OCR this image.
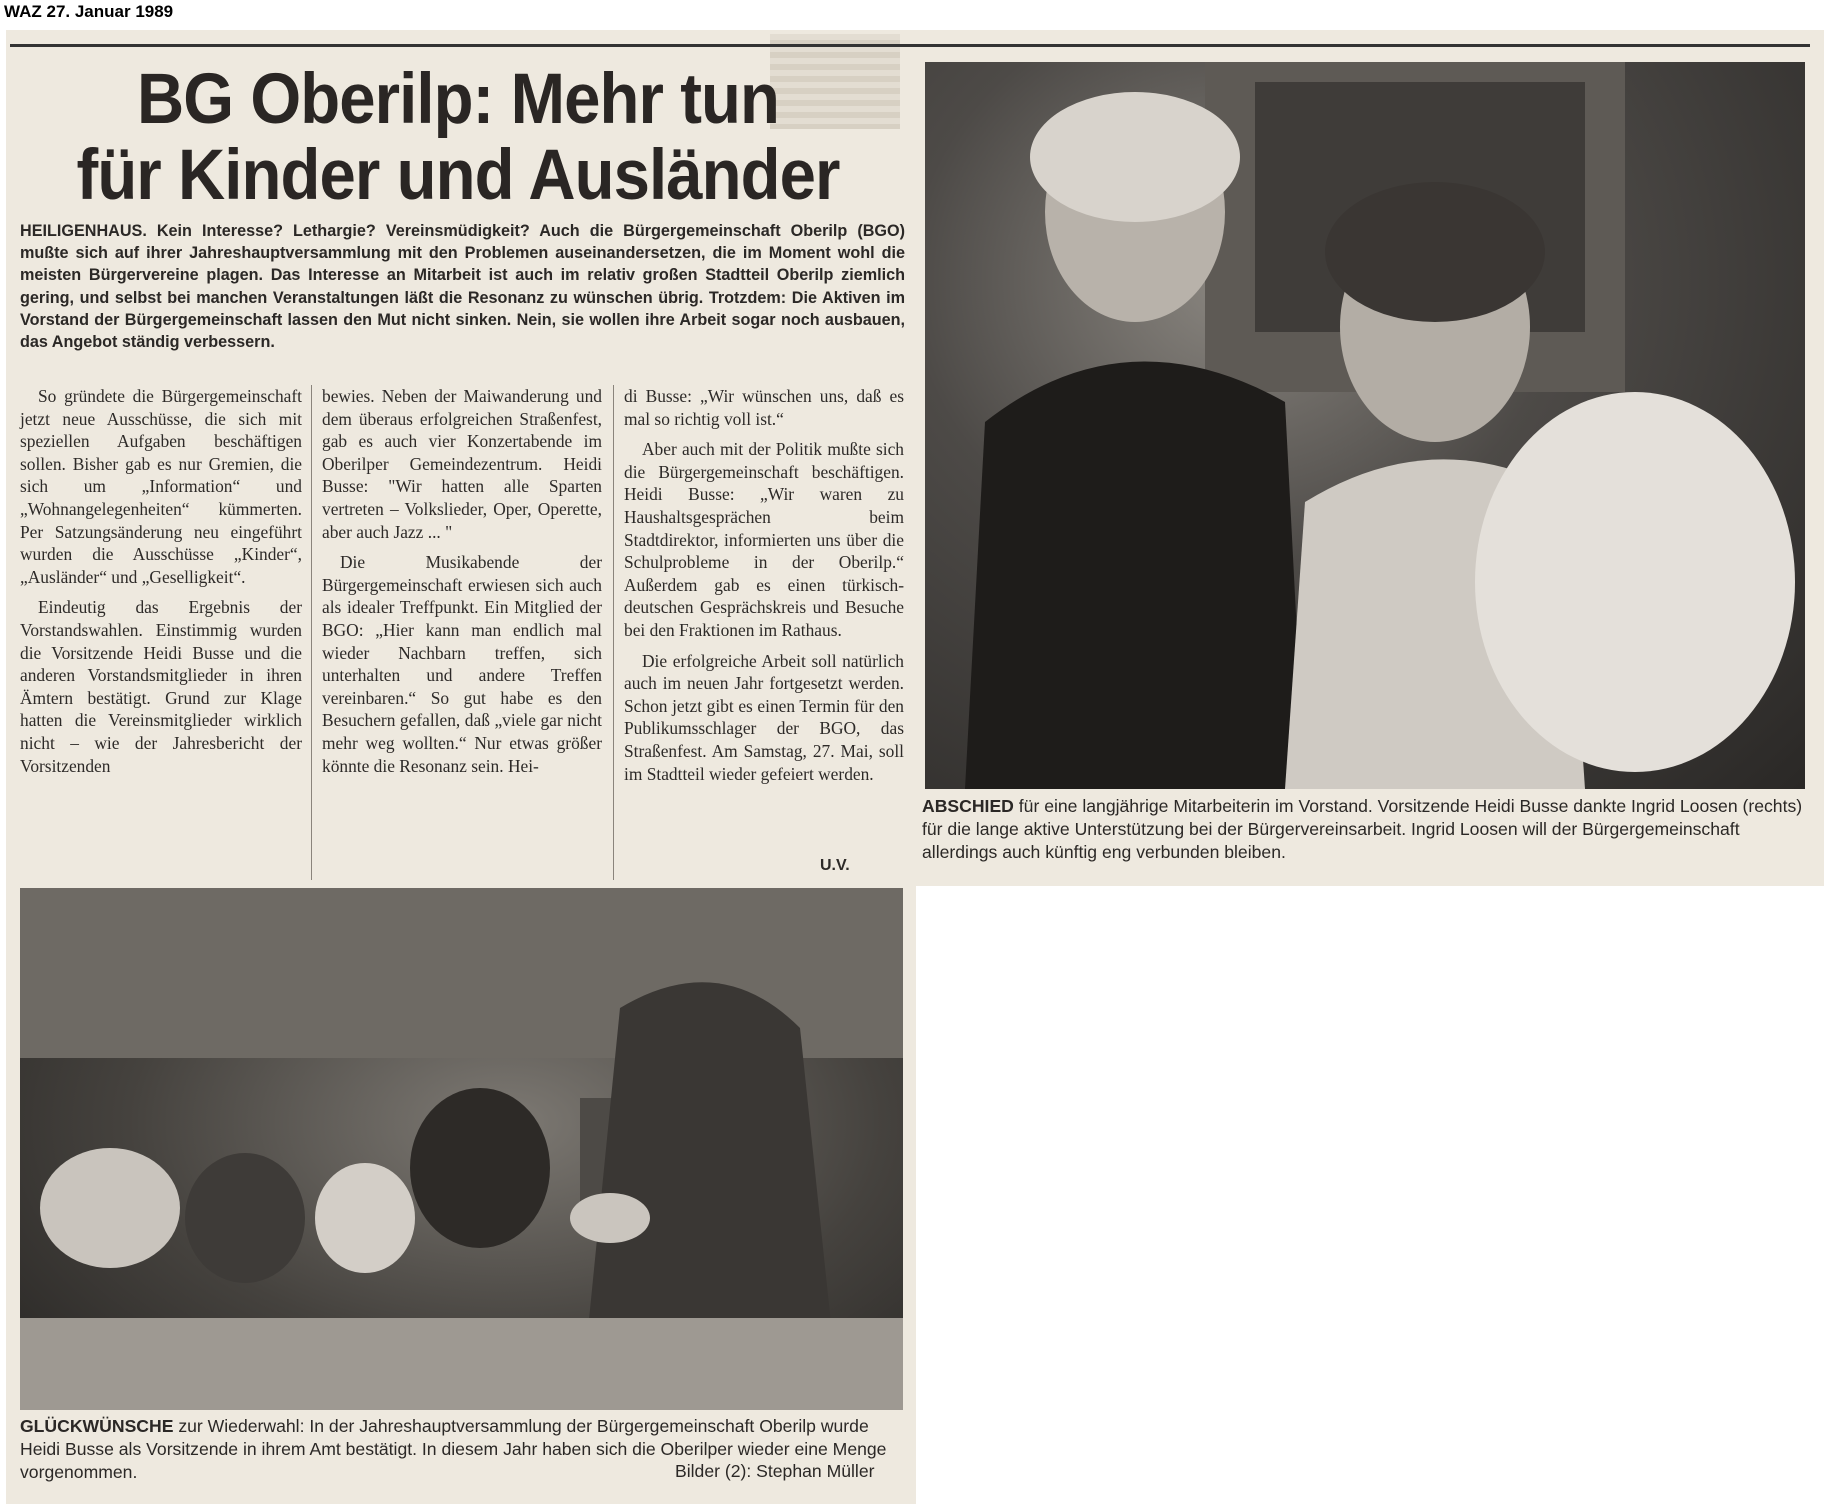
WAZ 27. Januar 1989
BG Oberilp: Mehr tun
für Kinder und Ausländer

HEILIGENHAUS. Kein Interesse? Lethargie? Vereinsmüdigkeit? Auch die Bürgergemeinschaft Oberilp (BGO) mußte sich auf ihrer Jahreshauptversammlung mit den Problemen auseinandersetzen, die im Moment wohl die meisten Bürgervereine plagen. Das Interesse an Mitarbeit ist auch im relativ großen Stadtteil Oberilp ziemlich gering, und selbst bei manchen Veranstaltungen läßt die Resonanz zu wünschen übrig. Trotzdem: Die Aktiven im Vorstand der Bürgergemeinschaft lassen den Mut nicht sinken. Nein, sie wollen ihre Arbeit sogar noch ausbauen, das Angebot ständig verbessern.

So gründete die Bürgergemeinschaft jetzt neue Ausschüsse, die sich mit speziellen Aufgaben beschäftigen sollen. Bisher gab es nur Gremien, die sich um „Information“ und „Wohnangelegenheiten“ kümmerten. Per Satzungsänderung neu eingeführt wurden die Ausschüsse „Kinder“, „Ausländer“ und „Geselligkeit“.

Eindeutig das Ergebnis der Vorstandswahlen. Einstimmig wurden die Vorsitzende Heidi Busse und die anderen Vorstandsmitglieder in ihren Ämtern bestätigt. Grund zur Klage hatten die Vereinsmitglieder wirklich nicht – wie der Jahresbericht der Vorsitzenden

bewies. Neben der Maiwanderung und dem überaus erfolgreichen Straßenfest, gab es auch vier Konzertabende im Oberilper Gemeindezentrum. Heidi Busse: "Wir hatten alle Sparten vertreten – Volkslieder, Oper, Operette, aber auch Jazz ... "

Die Musikabende der Bürgergemeinschaft erwiesen sich auch als idealer Treffpunkt. Ein Mitglied der BGO: „Hier kann man endlich mal wieder Nachbarn treffen, sich unterhalten und andere Treffen vereinbaren.“ So gut habe es den Besuchern gefallen, daß „viele gar nicht mehr weg wollten.“ Nur etwas größer könnte die Resonanz sein. Hei-

di Busse: „Wir wünschen uns, daß es mal so richtig voll ist.“

Aber auch mit der Politik mußte sich die Bürgergemeinschaft beschäftigen. Heidi Busse: „Wir waren zu Haushaltsgesprächen beim Stadtdirektor, informierten uns über die Schulprobleme in der Oberilp.“ Außerdem gab es einen türkisch-deutschen Gesprächskreis und Besuche bei den Fraktionen im Rathaus.

Die erfolgreiche Arbeit soll natürlich auch im neuen Jahr fortgesetzt werden. Schon jetzt gibt es einen Termin für den Publikumsschlager der BGO, das Straßenfest. Am Samstag, 27. Mai, soll im Stadtteil wieder gefeiert werden.

U.V.

ABSCHIED für eine langjährige Mitarbeiterin im Vorstand. Vorsitzende Heidi Busse dankte Ingrid Loosen (rechts) für die lange aktive Unterstützung bei der Bürgervereinsarbeit. Ingrid Loosen will der Bürgergemeinschaft allerdings auch künftig eng verbunden bleiben.

GLÜCKWÜNSCHE zur Wiederwahl: In der Jahreshauptversammlung der Bürgergemeinschaft Oberilp wurde Heidi Busse als Vorsitzende in ihrem Amt bestätigt. In diesem Jahr haben sich die Oberilper wieder eine Menge vorgenommen.	Bilder (2): Stephan Müller
